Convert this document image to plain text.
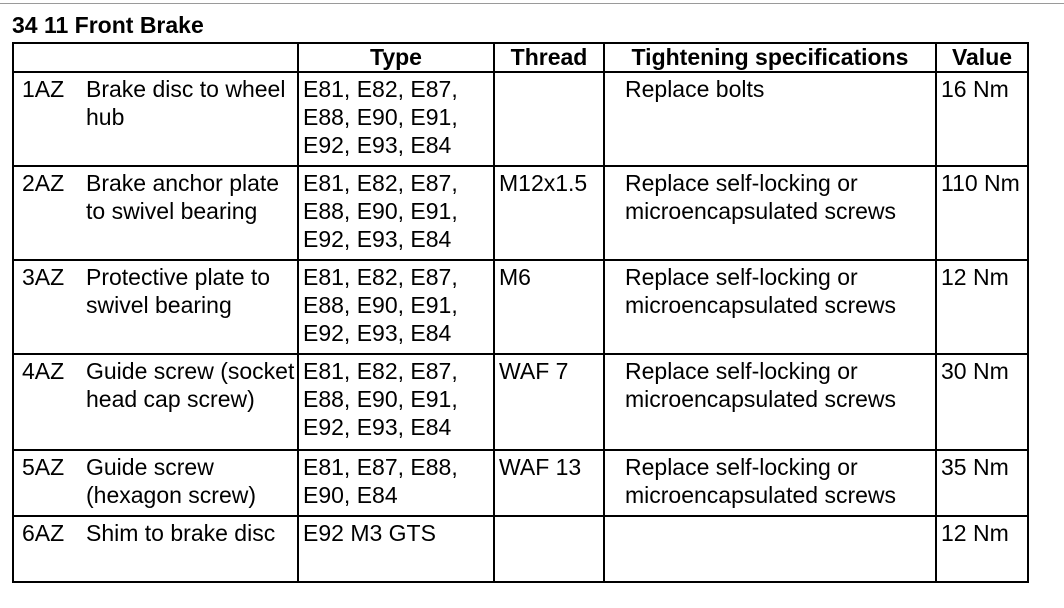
34 11 Front Brake
	Type	Thread	Tightening specifications	Value

1AZ Brake disc to wheel hub	E81, E82, E87, E88, E90, E91, E92, E93, E84		Replace bolts	16 Nm

2AZ Brake anchor plate to swivel bearing	E81, E82, E87, E88, E90, E91, E92, E93, E84	M12x1.5	Replace self-locking or microencapsulated screws	110 Nm

3AZ Protective plate to swivel bearing	E81, E82, E87, E88, E90, E91, E92, E93, E84	M6	Replace self-locking or microencapsulated screws	12 Nm

4AZ Guide screw (socket head cap screw)	E81, E82, E87, E88, E90, E91, E92, E93, E84	WAF 7	Replace self-locking or microencapsulated screws	30 Nm

5AZ Guide screw (hexagon screw)	E81, E87, E88, E90, E84	WAF 13	Replace self-locking or microencapsulated screws	35 Nm

6AZ Shim to brake disc	E92 M3 GTS			12 Nm
